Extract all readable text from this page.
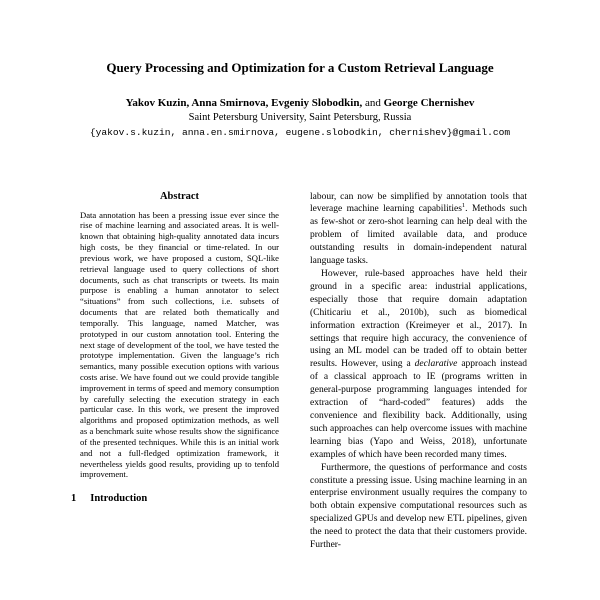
Query Processing and Optimization for a Custom Retrieval Language
Yakov Kuzin, Anna Smirnova, Evgeniy Slobodkin, and George Chernishev
Saint Petersburg University, Saint Petersburg, Russia
{yakov.s.kuzin, anna.en.smirnova, eugene.slobodkin, chernishev}@gmail.com
Abstract

Data annotation has been a pressing issue ever since the rise of machine learning and associated areas. It is well-known that obtaining high-quality annotated data incurs high costs, be they financial or time-related. In our previous work, we have proposed a custom, SQL-like retrieval language used to query collections of short documents, such as chat transcripts or tweets. Its main purpose is enabling a human annotator to select “situations” from such collections, i.e. subsets of documents that are related both thematically and temporally. This language, named Matcher, was prototyped in our custom annotation tool. Entering the next stage of development of the tool, we have tested the prototype implementation. Given the language’s rich semantics, many possible execution options with various costs arise. We have found out we could provide tangible improvement in terms of speed and memory consumption by carefully selecting the execution strategy in each particular case. In this work, we present the improved algorithms and proposed optimization methods, as well as a benchmark suite whose results show the significance of the presented techniques. While this is an initial work and not a full-fledged optimization framework, it nevertheless yields good results, providing up to tenfold improvement.

1 Introduction

labour, can now be simplified by annotation tools that leverage machine learning capabilities$^1$. Methods such as few-shot or zero-shot learning can help deal with the problem of limited available data, and produce outstanding results in domain-independent natural language tasks.

However, rule-based approaches have held their ground in a specific area: industrial applications, especially those that require domain adaptation (Chiticariu et al., 2010b), such as biomedical information extraction (Kreimeyer et al., 2017). In settings that require high accuracy, the convenience of using an ML model can be traded off to obtain better results. However, using a declarative approach instead of a classical approach to IE (programs written in general-purpose programming languages intended for extraction of “hard-coded” features) adds the convenience and flexibility back. Additionally, using such approaches can help overcome issues with machine learning bias (Yapo and Weiss, 2018), unfortunate examples of which have been recorded many times.

Furthermore, the questions of performance and costs constitute a pressing issue. Using machine learning in an enterprise environment usually requires the company to both obtain expensive computational resources such as specialized GPUs and develop new ETL pipelines, given the need to protect the data that their customers provide. Further-
